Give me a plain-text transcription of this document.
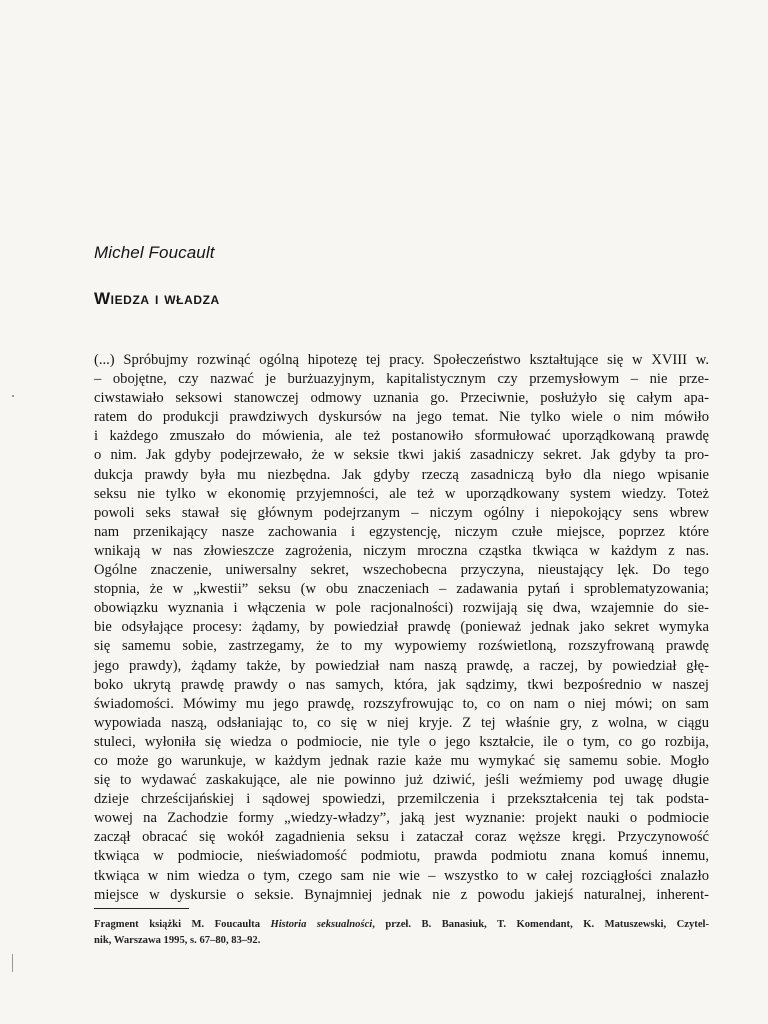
Michel Foucault
Wiedza i władza
(...) Spróbujmy rozwinąć ogólną hipotezę tej pracy. Społeczeństwo kształtujące się w XVIII w.
– obojętne, czy nazwać je burżuazyjnym, kapitalistycznym czy przemysłowym – nie prze-
ciwstawiało seksowi stanowczej odmowy uznania go. Przeciwnie, posłużyło się całym apa-
ratem do produkcji prawdziwych dyskursów na jego temat. Nie tylko wiele o nim mówiło
i każdego zmuszało do mówienia, ale też postanowiło sformułować uporządkowaną prawdę
o nim. Jak gdyby podejrzewało, że w seksie tkwi jakiś zasadniczy sekret. Jak gdyby ta pro-
dukcja prawdy była mu niezbędna. Jak gdyby rzeczą zasadniczą było dla niego wpisanie
seksu nie tylko w ekonomię przyjemności, ale też w uporządkowany system wiedzy. Toteż
powoli seks stawał się głównym podejrzanym – niczym ogólny i niepokojący sens wbrew
nam przenikający nasze zachowania i egzystencję, niczym czułe miejsce, poprzez które
wnikają w nas złowieszcze zagrożenia, niczym mroczna cząstka tkwiąca w każdym z nas.
Ogólne znaczenie, uniwersalny sekret, wszechobecna przyczyna, nieustający lęk. Do tego
stopnia, że w „kwestii” seksu (w obu znaczeniach – zadawania pytań i sproblematyzowania;
obowiązku wyznania i włączenia w pole racjonalności) rozwijają się dwa, wzajemnie do sie-
bie odsyłające procesy: żądamy, by powiedział prawdę (ponieważ jednak jako sekret wymyka
się samemu sobie, zastrzegamy, że to my wypowiemy rozświetloną, rozszyfrowaną prawdę
jego prawdy), żądamy także, by powiedział nam naszą prawdę, a raczej, by powiedział głę-
boko ukrytą prawdę prawdy o nas samych, która, jak sądzimy, tkwi bezpośrednio w naszej
świadomości. Mówimy mu jego prawdę, rozszyfrowując to, co on nam o niej mówi; on sam
wypowiada naszą, odsłaniając to, co się w niej kryje. Z tej właśnie gry, z wolna, w ciągu
stuleci, wyłoniła się wiedza o podmiocie, nie tyle o jego kształcie, ile o tym, co go rozbija,
co może go warunkuje, w każdym jednak razie każe mu wymykać się samemu sobie. Mogło
się to wydawać zaskakujące, ale nie powinno już dziwić, jeśli weźmiemy pod uwagę długie
dzieje chrześcijańskiej i sądowej spowiedzi, przemilczenia i przekształcenia tej tak podsta-
wowej na Zachodzie formy „wiedzy-władzy”, jaką jest wyznanie: projekt nauki o podmiocie
zaczął obracać się wokół zagadnienia seksu i zataczał coraz węższe kręgi. Przyczynowość
tkwiąca w podmiocie, nieświadomość podmiotu, prawda podmiotu znana komuś innemu,
tkwiąca w nim wiedza o tym, czego sam nie wie – wszystko to w całej rozciągłości znalazło
miejsce w dyskursie o seksie. Bynajmniej jednak nie z powodu jakiejś naturalnej, inherent-
Fragment książki M. Foucaulta Historia seksualności, przeł. B. Banasiuk, T. Komendant, K. Matuszewski, Czytel-
nik, Warszawa 1995, s. 67–80, 83–92.
